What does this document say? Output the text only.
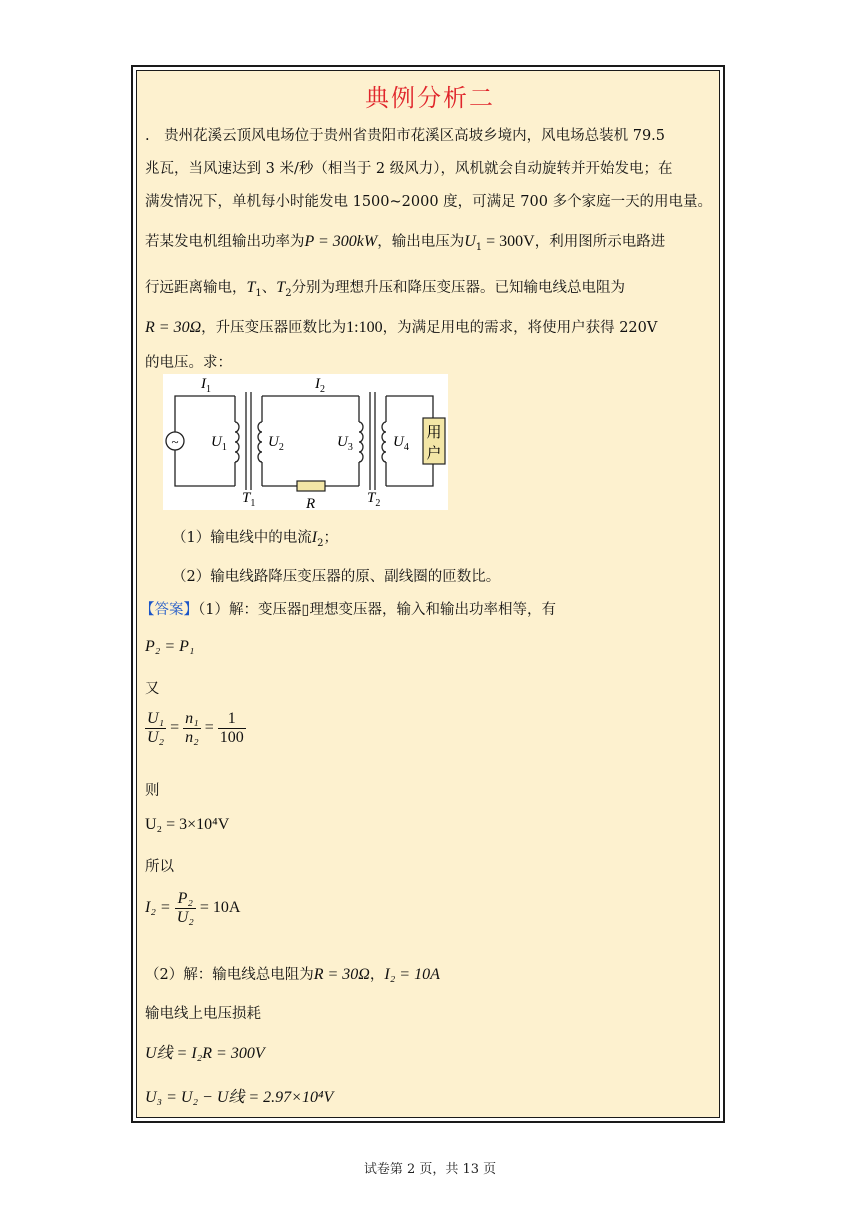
典例分析二
.　贵州花溪云顶风电场位于贵州省贵阳市花溪区高坡乡境内，风电场总装机 79.5
兆瓦，当风速达到 3 米/秒（相当于 2 级风力），风机就会自动旋转并开始发电；在
满发情况下，单机每小时能发电 1500~2000 度，可满足 700 多个家庭一天的用电量。
若某发电机组输出功率为P = 300kW，输出电压为$U_1 = 300V$，利用图所示电路进
行远距离输电，$T_1$、$T_2$分别为理想升压和降压变压器。已知输电线总电阻为
R = 30Ω，升压变压器匝数比为1:100，为满足用电的需求，将使用户获得 220V
的电压。求：
~
用
户
$I_1$	$I_2$
$U_1$	$U_2$	$U_3$	$U_4$
$T_1$	$T_2$
R
（1）输电线中的电流$I_2$；
（2）输电线路降压变压器的原、副线圈的匝数比。
【答案】（1）解：变压器▯理想变压器，输入和输出功率相等，有
P₂ = P₁
又
$\frac{\text{U₁}}{\text{U₂}} = \frac{\text{n₁}}{\text{n₂}} = \frac{1}{100}$
则
U₂ = 3×10⁴V
所以
$I_2 = \frac{\text{P₂}}{\text{U₂}} = 10A$
（2）解：输电线总电阻为R = 30Ω，I₂ = 10A
输电线上电压损耗
U线 = I₂R = 300V
U₃ = U₂ − U线 = 2.97×10⁴V
试卷第 2 页，共 13 页
